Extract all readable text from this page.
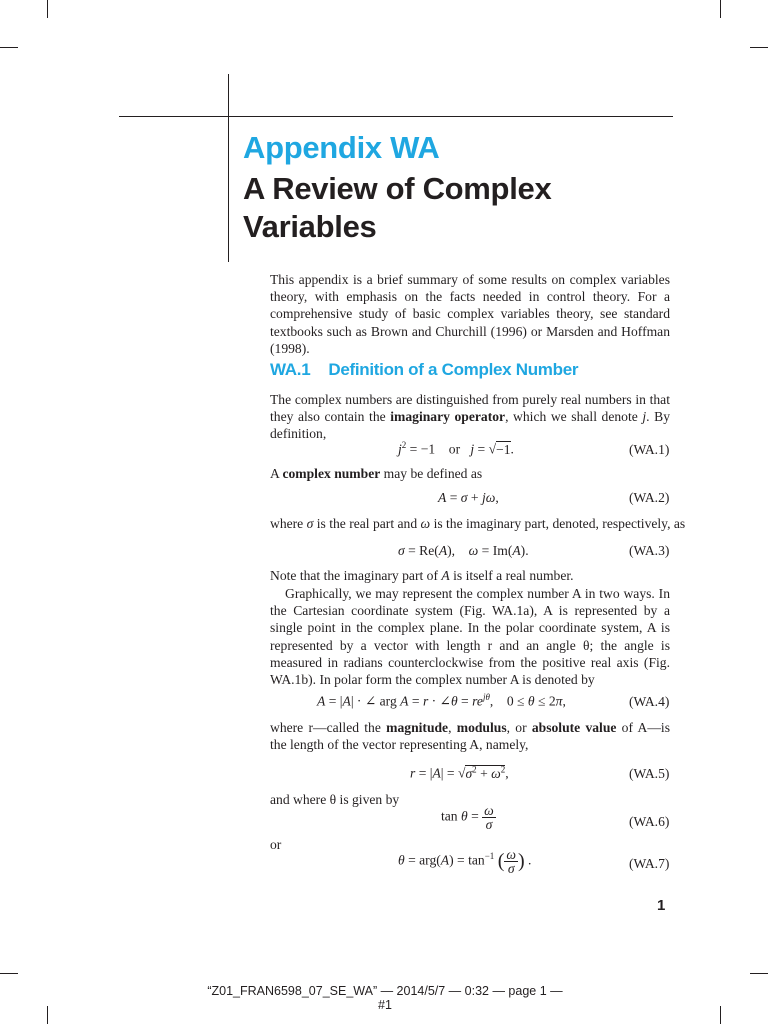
Appendix WA
A Review of Complex Variables

This appendix is a brief summary of some results on complex variables theory, with emphasis on the facts needed in control theory. For a comprehensive study of basic complex variables theory, see standard textbooks such as Brown and Churchill (1996) or Marsden and Hoffman (1998).

WA.1 Definition of a Complex Number

The complex numbers are distinguished from purely real numbers in that they also contain the imaginary operator, which we shall denote j. By definition,

$j^2 = -1$    or   j = √−1.	(WA.1)
A complex number may be defined as
A = σ + jω,	(WA.2)
where σ is the real part and ω is the imaginary part, denoted, respectively, as
σ = Re(A),    ω = Im(A).	(WA.3)
Note that the imaginary part of A is itself a real number.

Graphically, we may represent the complex number A in two ways. In the Cartesian coordinate system (Fig. WA.1a), A is represented by a single point in the complex plane. In the polar coordinate system, A is represented by a vector with length r and an angle θ; the angle is measured in radians counterclockwise from the positive real axis (Fig. WA.1b). In polar form the complex number A is denoted by

A = |A| · ∠ arg A = r · ∠θ = $re^{j\theta}$,    0 ≤ θ ≤ 2π,	(WA.4)

where r—called the magnitude, modulus, or absolute value of A—is the length of the vector representing A, namely,

$r = |A| = √\sigma^2 + \omega^2$,	(WA.5)
and where θ is given by
$\tan \theta = \frac{\omega}{\sigma}$	(WA.6)
or
$\theta = arg(A) = \tan^{-1}$ ( $\frac{\omega}{\sigma}$ ) .	(WA.7)
1
“Z01_FRAN6598_07_SE_WA” — 2014/5/7 — 0:32 — page 1 — #1
